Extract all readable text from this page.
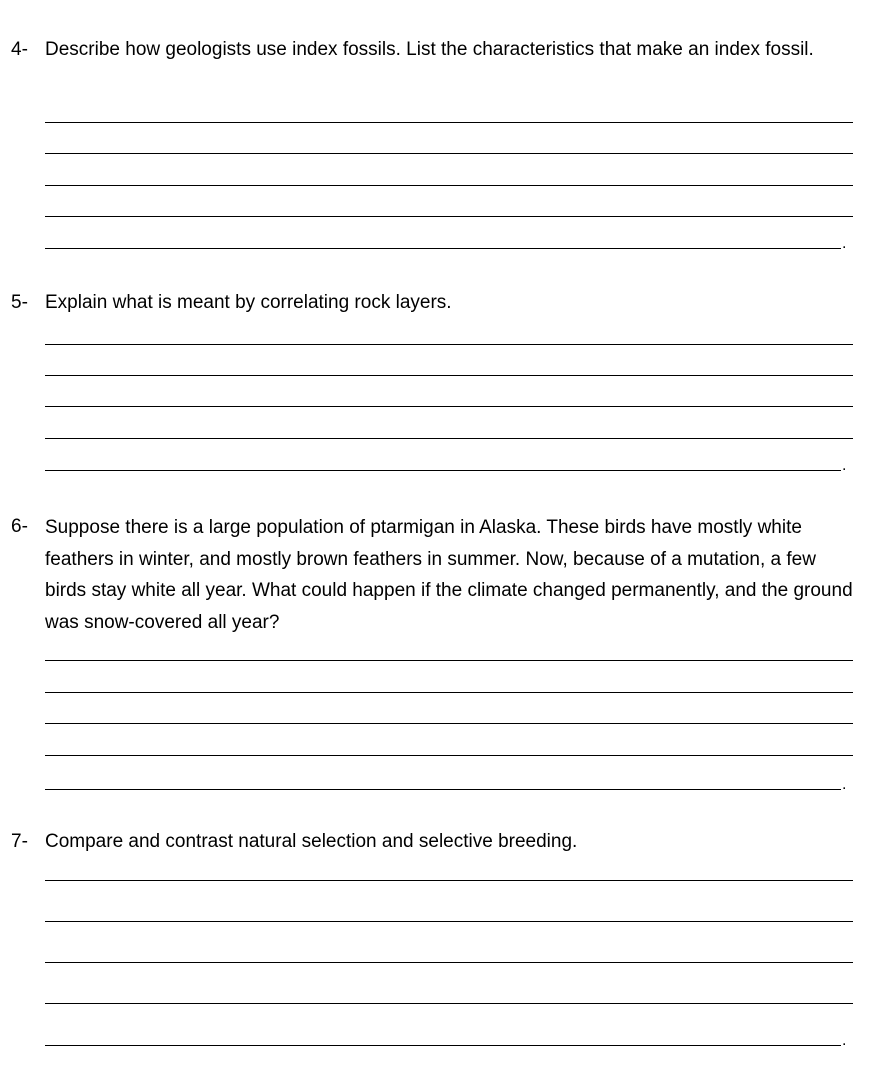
4- Describe how geologists use index fossils. List the characteristics that make an index fossil.
.
5- Explain what is meant by correlating rock layers.
.
6- Suppose there is a large population of ptarmigan in Alaska. These birds have mostly white feathers in winter, and mostly brown feathers in summer. Now, because of a mutation, a few birds stay white all year. What could happen if the climate changed permanently, and the ground was snow-covered all year?
.
7- Compare and contrast natural selection and selective breeding.
.
